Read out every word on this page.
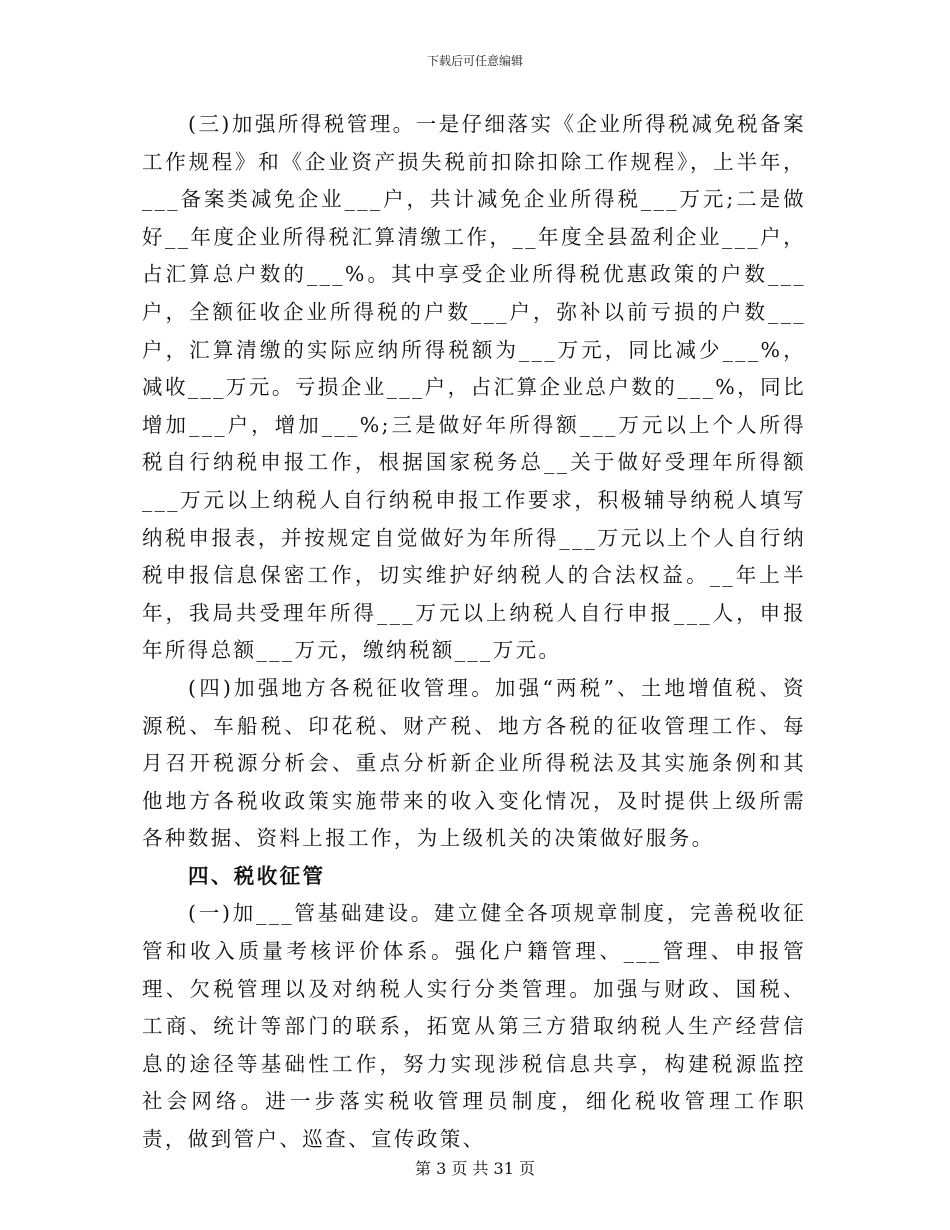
下载后可任意编辑

(三)加强所得税管理。一是仔细落实《企业所得税减免税备案工作规程》和《企业资产损失税前扣除扣除工作规程》，上半年，___备案类减免企业___户，共计减免企业所得税___万元;二是做好__年度企业所得税汇算清缴工作，__年度全县盈利企业___户，占汇算总户数的___%。其中享受企业所得税优惠政策的户数___户，全额征收企业所得税的户数___户，弥补以前亏损的户数___户，汇算清缴的实际应纳所得税额为___万元，同比减少___%，减收___万元。亏损企业___户，占汇算企业总户数的___%，同比增加___户，增加___%;三是做好年所得额___万元以上个人所得税自行纳税申报工作，根据国家税务总__关于做好受理年所得额___万元以上纳税人自行纳税申报工作要求，积极辅导纳税人填写纳税申报表，并按规定自觉做好为年所得___万元以上个人自行纳税申报信息保密工作，切实维护好纳税人的合法权益。__年上半年，我局共受理年所得___万元以上纳税人自行申报___人，申报年所得总额___万元，缴纳税额___万元。

(四)加强地方各税征收管理。加强“两税”、土地增值税、资源税、车船税、印花税、财产税、地方各税的征收管理工作、每月召开税源分析会、重点分析新企业所得税法及其实施条例和其他地方各税收政策实施带来的收入变化情况，及时提供上级所需各种数据、资料上报工作，为上级机关的决策做好服务。

四、税收征管

(一)加___管基础建设。建立健全各项规章制度，完善税收征管和收入质量考核评价体系。强化户籍管理、___管理、申报管理、欠税管理以及对纳税人实行分类管理。加强与财政、国税、工商、统计等部门的联系，拓宽从第三方猎取纳税人生产经营信息的途径等基础性工作，努力实现涉税信息共享，构建税源监控社会网络。进一步落实税收管理员制度，细化税收管理工作职责，做到管户、巡查、宣传政策、

第 3 页 共 31 页
